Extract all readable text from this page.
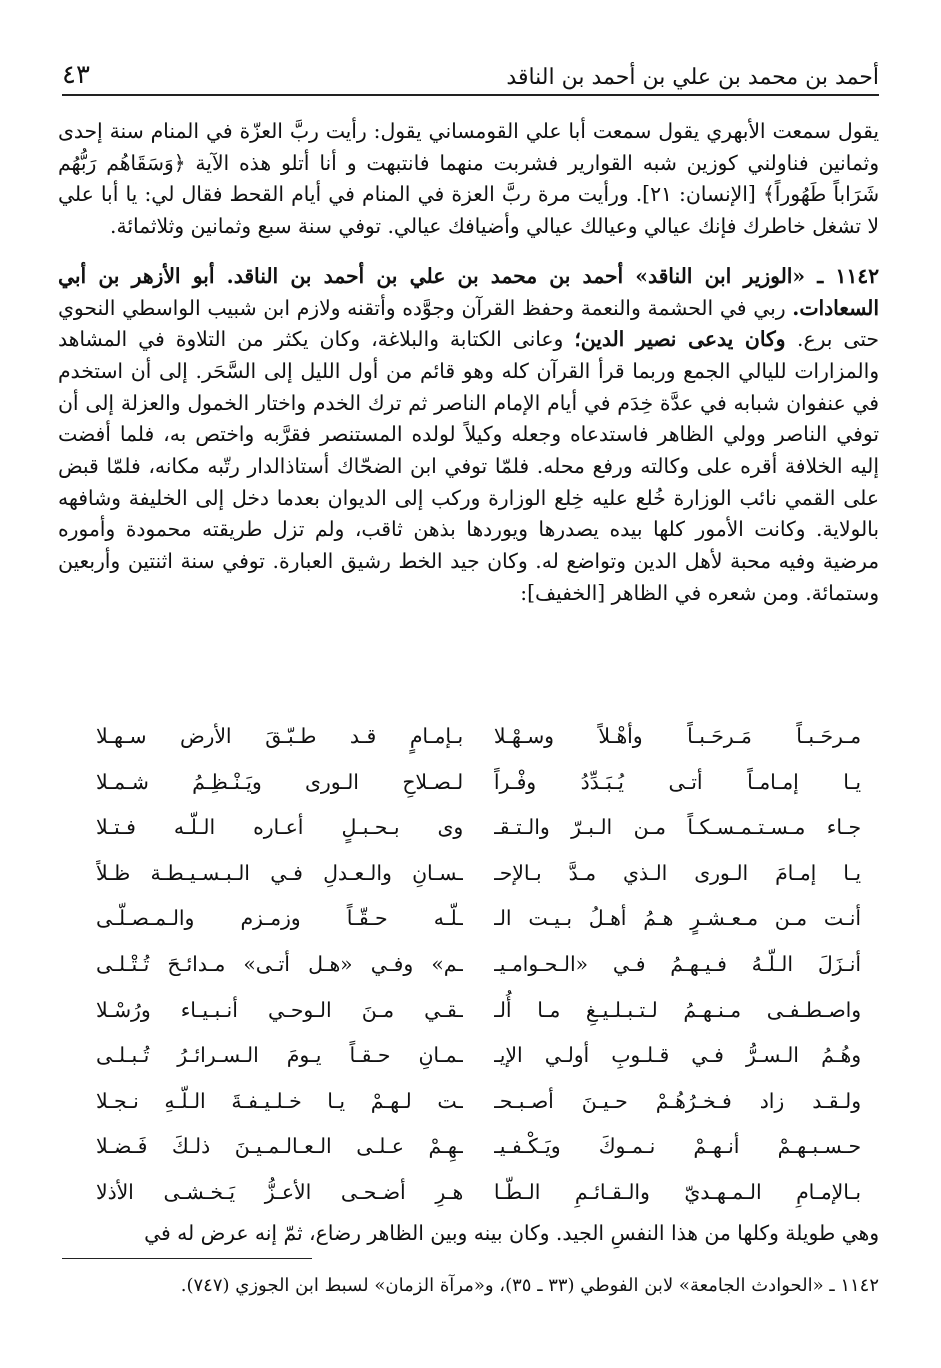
أحمد بن محمد بن علي بن أحمد بن الناقد
٤٣

يقول سمعت الأبهري يقول سمعت أبا علي القومساني يقول: رأيت ربَّ العزّة في المنام سنة إحدى وثمانين فناولني كوزين شبه القوارير فشربت منهما فانتبهت و أنا أتلو هذه الآية ﴿وَسَقَاهُم رَبُّهُم شَرَاباً طَهُوراً﴾ [الإنسان: ٢١]. ورأيت مرة ربَّ العزة في المنام في أيام القحط فقال لي: يا أبا علي لا تشغل خاطرك فإنك عيالي وعيالك عيالي وأضيافك عيالي. توفي سنة سبع وثمانين وثلاثمائة.

١١٤٢ ـ «الوزير ابن الناقد» أحمد بن محمد بن علي بن أحمد بن الناقد. أبو الأزهر بن أبي السعادات. ربي في الحشمة والنعمة وحفظ القرآن وجوَّده وأتقنه ولازم ابن شبيب الواسطي النحوي حتى برع. وكان يدعى نصير الدين؛ وعانى الكتابة والبلاغة، وكان يكثر من التلاوة في المشاهد والمزارات لليالي الجمع وربما قرأ القرآن كله وهو قائم من أول الليل إلى السَّحَر. إلى أن استخدم في عنفوان شبابه في عدَّة خِدَم في أيام الإمام الناصر ثم ترك الخدم واختار الخمول والعزلة إلى أن توفي الناصر وولي الظاهر فاستدعاه وجعله وكيلاً لولده المستنصر فقرَّبه واختص به، فلما أفضت إليه الخلافة أقره على وكالته ورفع محله. فلمّا توفي ابن الضحّاك أستاذالدار رتّبه مكانه، فلمّا قبض على القمي نائب الوزارة خُلع عليه خِلع الوزارة وركب إلى الديوان بعدما دخل إلى الخليفة وشافهه بالولاية. وكانت الأمور كلها بيده يصدرها ويوردها بذهن ثاقب، ولم تزل طريقته محمودة وأموره مرضية وفيه محبة لأهل الدين وتواضع له. وكان جيد الخط رشيق العبارة. توفي سنة اثنتين وأربعين وستمائة. ومن شعره في الظاهر [الخفيف]:

مـرحَـبـاً مَـرحَـبـاً وأهْـلاً وسـهْـلا
بـإمـامٍ قـد طـبّـقَ الأرض سـهـلا
يـا إمـامـاً أتـى يُـبَـدِّدُ وفْـراً
لـصـلاحِ الـورى ويَـنْـظِـمُ شـمـلا
جـاء مـسـتـمـسـكـاً مـن الـبـرّ والـتـقـ
وى بـحـبـلٍ أعـاره الـلّـه فـتـلا
يـا إمـامَ الـورى الـذي مـدَّ بـالإحـ
ـسـانِ والـعـدلِ فـي الـبـسـيـطـة ظـلاً
أنـت مـن مـعـشـرٍ هـمُ أهـلُ بـيـت الـ
ـلّـه حـقّـاً وزمـزم والـمـصـلّـى
أنـزَلَ الـلّـهُ فـيـهـمُ فـي «الـحـوامـيـ
ـم» وفـي «هـل أتـى» مـدائـحَ تُـتْـلـى
واصـطـفـى مـنـهـمُ لـتـبـلـيـغِ مـا أُلـ
ـقـي مـنَ الـوحـي أنـبـيـاء ورُسْـلا
وهُـمُ الـسـرُّ فـي قـلـوبِ أولـي الإيـ
ـمـانِ حـقـاً يـومَ الـسـرائـرُ تُـبـلـى
ولـقـد زاد فـخـرُهُـمْ حـيـنَ أصـبـحـ
ـت لـهـمْ يـا خـلـيـفـةَ الـلّـهِ نـجـلا
حـسـبـهـمْ أنـهـمْ نـمـوكَ ويَـكْـفـيـ
ـهِـمْ عـلـى الـعـالـمـيـنَ ذلـكَ فَـضـلا
بـالإمـامِ الـمـهـديّ والـقـائـمِ الـطّـا
هـرِ أضـحـى الأعـزُّ يَـخـشـى الأذلا
وهي طويلة وكلها من هذا النفسِ الجيد. وكان بينه وبين الظاهر رضاع، ثمّ إنه عرض له في
١١٤٢ ـ «الحوادث الجامعة» لابن الفوطي (٣٣ ـ ٣٥)، و«مرآة الزمان» لسبط ابن الجوزي (٧٤٧).
